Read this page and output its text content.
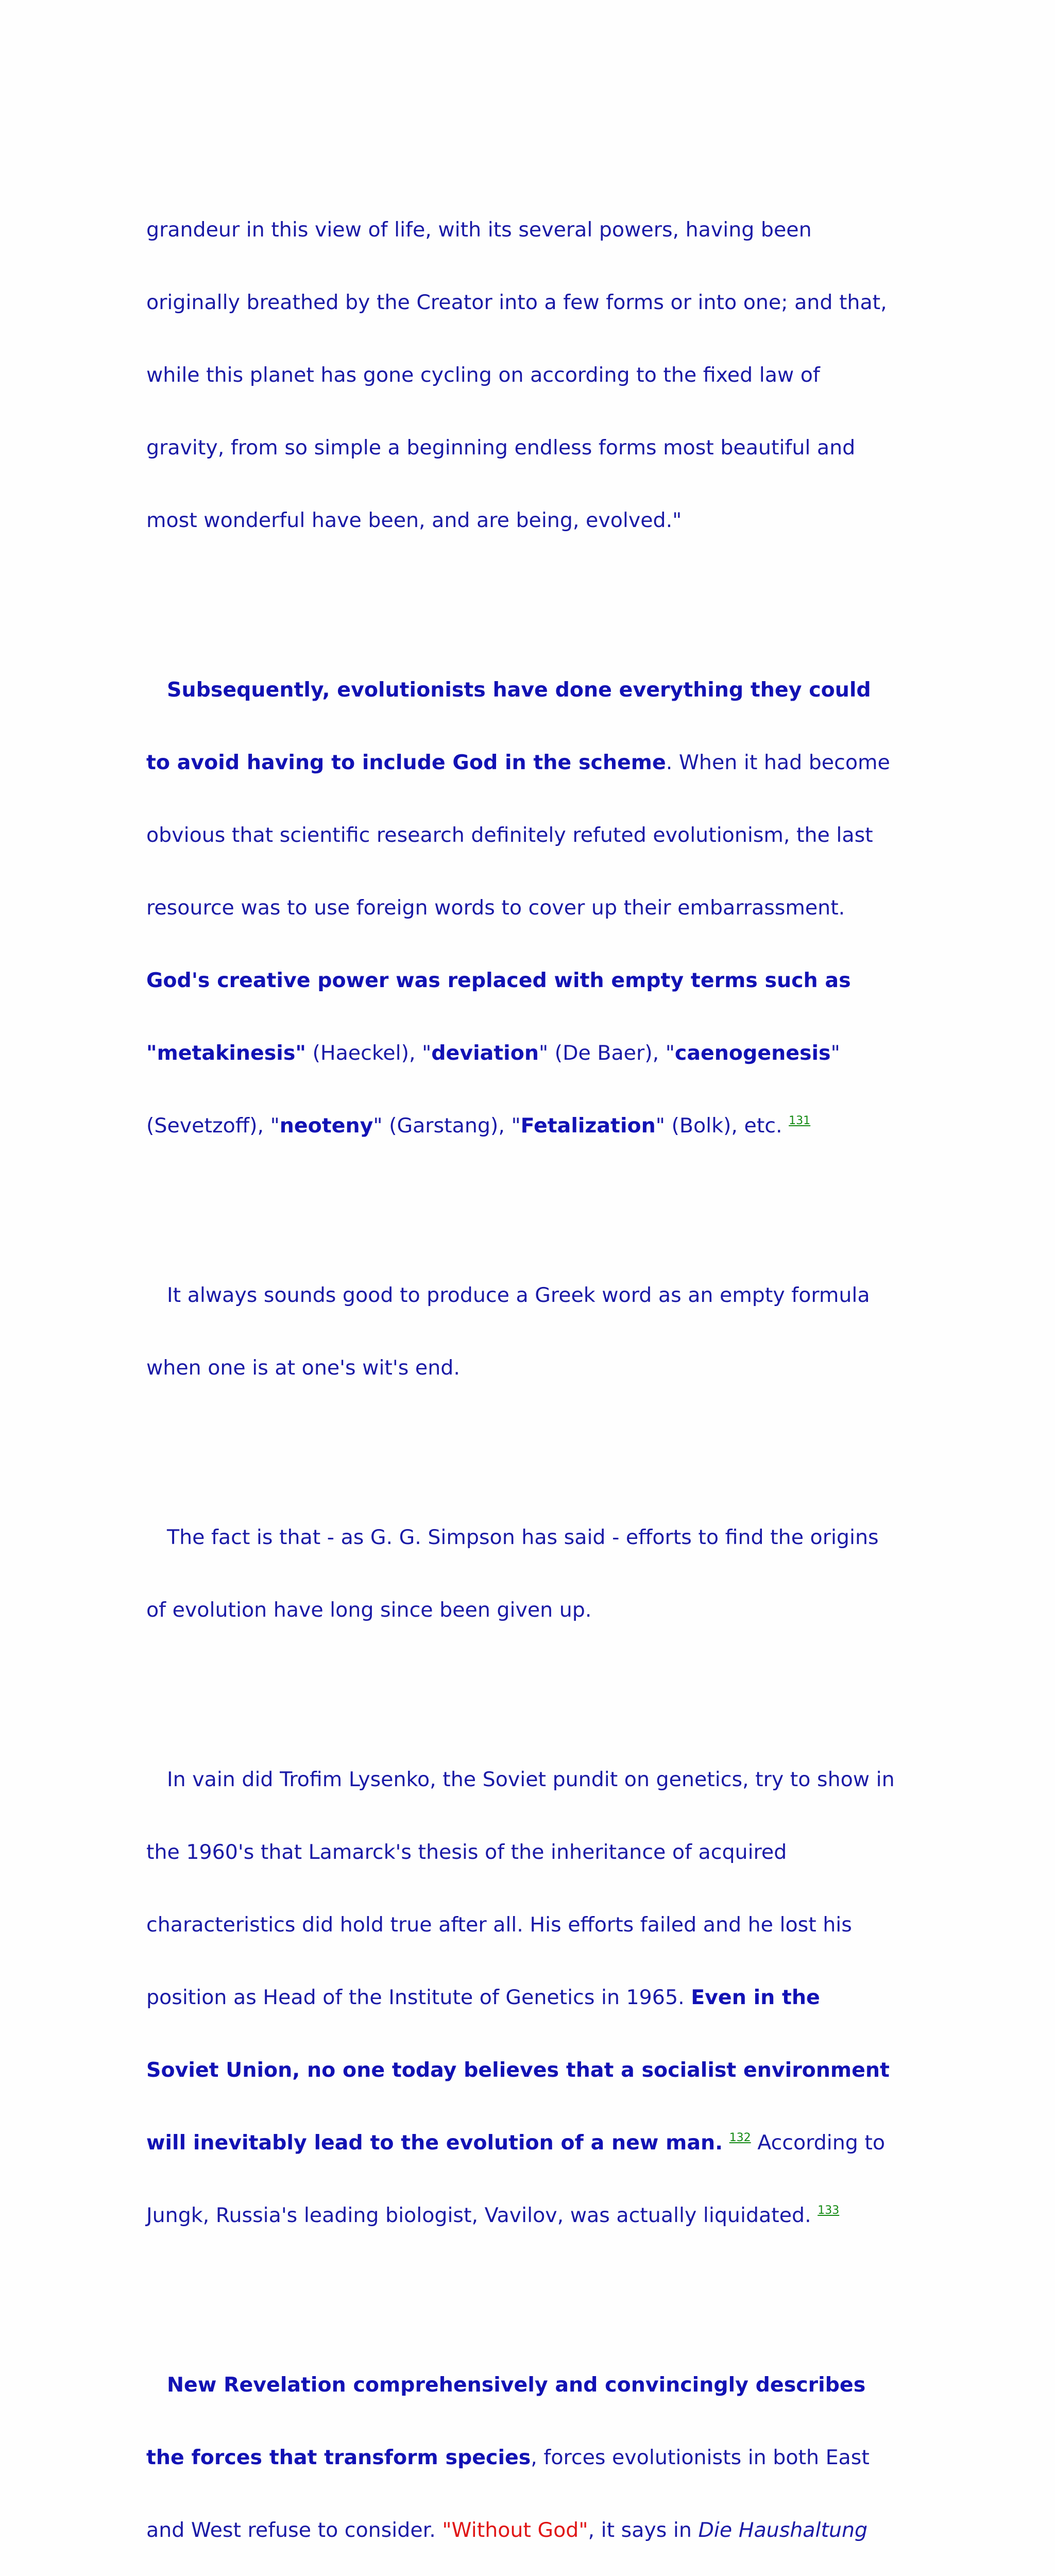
grandeur in this view of life, with its several powers, having been

originally breathed by the Creator into a few forms or into one; and that,

while this planet has gone cycling on according to the fixed law of

gravity, from so simple a beginning endless forms most beautiful and

most wonderful have been, and are being, evolved."

Subsequently, evolutionists have done everything they could

to avoid having to include God in the scheme. When it had become

obvious that scientific research definitely refuted evolutionism, the last

resource was to use foreign words to cover up their embarrassment.

God's creative power was replaced with empty terms such as

"metakinesis" (Haeckel), "deviation" (De Baer), "caenogenesis"

(Sevetzoff), "neoteny" (Garstang), "Fetalization" (Bolk), etc. $^{131}$

It always sounds good to produce a Greek word as an empty formula

when one is at one's wit's end.

The fact is that - as G. G. Simpson has said - efforts to find the origins

of evolution have long since been given up.

In vain did Trofim Lysenko, the Soviet pundit on genetics, try to show in

the 1960's that Lamarck's thesis of the inheritance of acquired

characteristics did hold true after all. His efforts failed and he lost his

position as Head of the Institute of Genetics in 1965. Even in the

Soviet Union, no one today believes that a socialist environment

will inevitably lead to the evolution of a new man. $^{132}$ According to

Jungk, Russia's leading biologist, Vavilov, was actually liquidated. $^{133}$

New Revelation comprehensively and convincingly describes

the forces that transform species, forces evolutionists in both East

and West refuse to consider. "Without God", it says in Die Haushaltung
